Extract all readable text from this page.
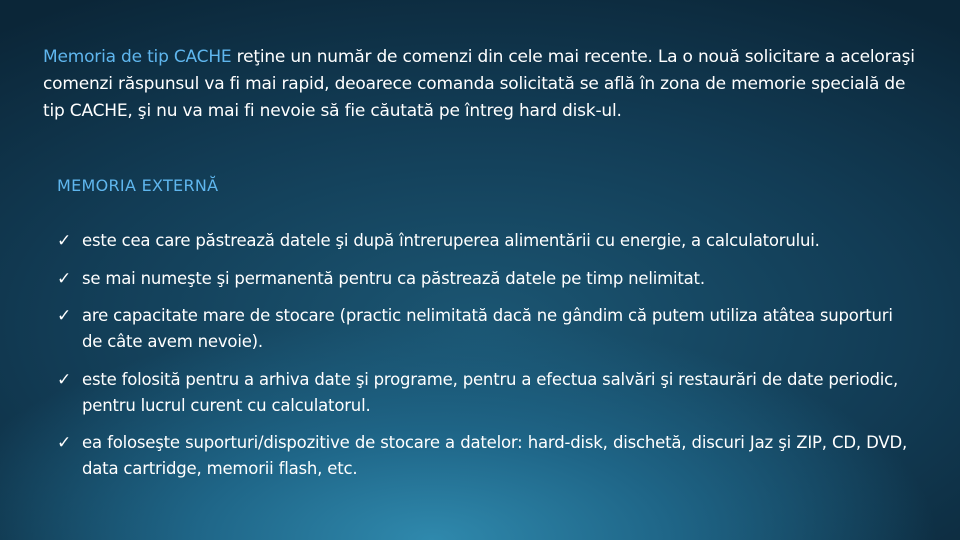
Memoria de tip CACHE reţine un număr de comenzi din cele mai recente. La o nouă solicitare a aceloraşi comenzi răspunsul va fi mai rapid, deoarece comanda solicitată se află în zona de memorie specială de tip CACHE, şi nu va mai fi nevoie să fie căutată pe întreg hard disk-ul.

MEMORIA EXTERNĂ
✓ este cea care păstrează datele şi după întreruperea alimentării cu energie, a calculatorului.
✓ se mai numeşte şi permanentă pentru ca păstrează datele pe timp nelimitat.
✓ are capacitate mare de stocare (practic nelimitată dacă ne gândim că putem utiliza atâtea suporturi de câte avem nevoie).
✓ este folosită pentru a arhiva date şi programe, pentru a efectua salvări şi restaurări de date periodic, pentru lucrul curent cu calculatorul.
✓ ea foloseşte suporturi/dispozitive de stocare a datelor: hard-disk, dischetă, discuri Jaz şi ZIP, CD, DVD, data cartridge, memorii flash, etc.
